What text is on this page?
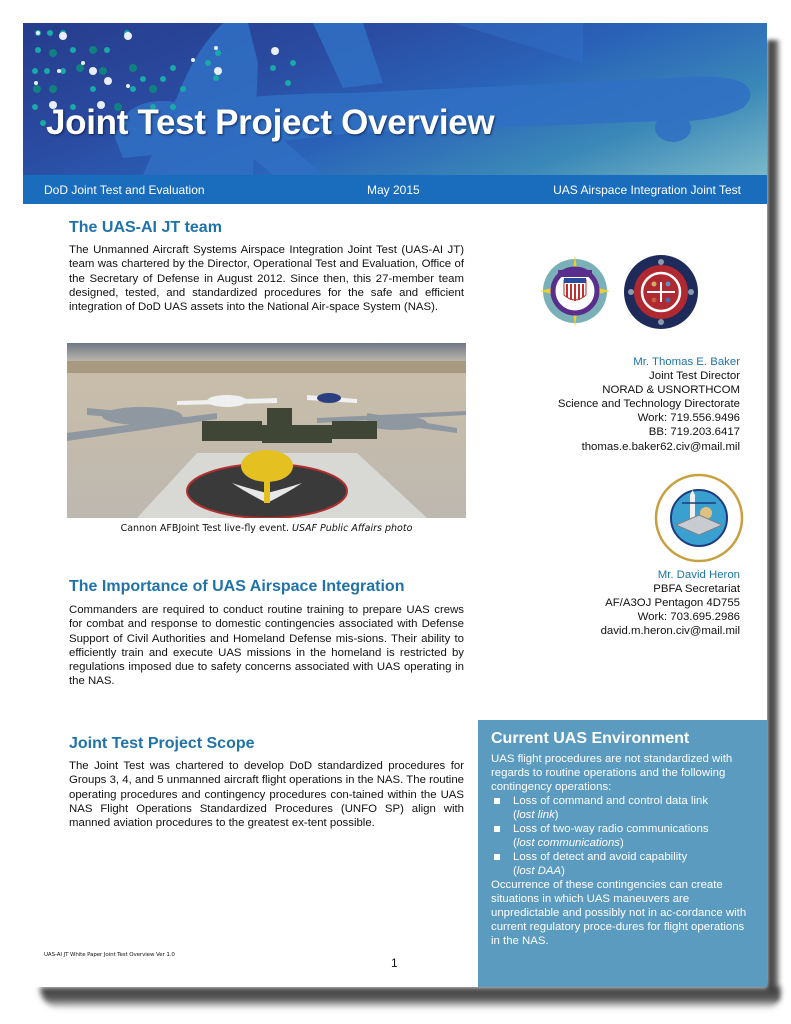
Joint Test Project Overview
DoD Joint Test and Evaluation	May 2015	UAS Airspace Integration Joint Test
The UAS-AI JT team
The Unmanned Aircraft Systems Airspace Integration Joint Test (UAS-AI JT) team was chartered by the Director, Operational Test and Evaluation, Office of the Secretary of Defense in August 2012. Since then, this 27-member team designed, tested, and standardized procedures for the safe and efficient integration of DoD UAS assets into the National Air-space System (NAS).
Cannon AFBJoint Test live-fly event. USAF Public Affairs photo
The Importance of UAS Airspace Integration
Commanders are required to conduct routine training to prepare UAS crews for combat and response to domestic contingencies associated with Defense Support of Civil Authorities and Homeland Defense mis-sions. Their ability to efficiently train and execute UAS missions in the homeland is restricted by regulations imposed due to safety concerns associated with UAS operating in the NAS.
Joint Test Project Scope
The Joint Test was chartered to develop DoD standardized procedures for Groups 3, 4, and 5 unmanned aircraft flight operations in the NAS. The routine operating procedures and contingency procedures con-tained within the UAS NAS Flight Operations Standardized Procedures (UNFO SP) align with manned aviation procedures to the greatest ex-tent possible.
Mr. Thomas E. Baker
Joint Test Director
NORAD & USNORTHCOM
Science and Technology Directorate
Work: 719.556.9496
BB: 719.203.6417
thomas.e.baker62.civ@mail.mil
Mr. David Heron
PBFA Secretariat
AF/A3OJ Pentagon 4D755
Work: 703.695.2986
david.m.heron.civ@mail.mil
Current UAS Environment
UAS flight procedures are not standardized with regards to routine operations and the following contingency operations:
Loss of command and control data link
(lost link)
Loss of two-way radio communications
(lost communications)
Loss of detect and avoid capability
(lost DAA)
Occurrence of these contingencies can create situations in which UAS maneuvers are unpredictable and possibly not in ac-cordance with current regulatory proce-dures for flight operations in the NAS.
UAS-AI JT White Paper Joint Test Overview Ver 1.0
1
